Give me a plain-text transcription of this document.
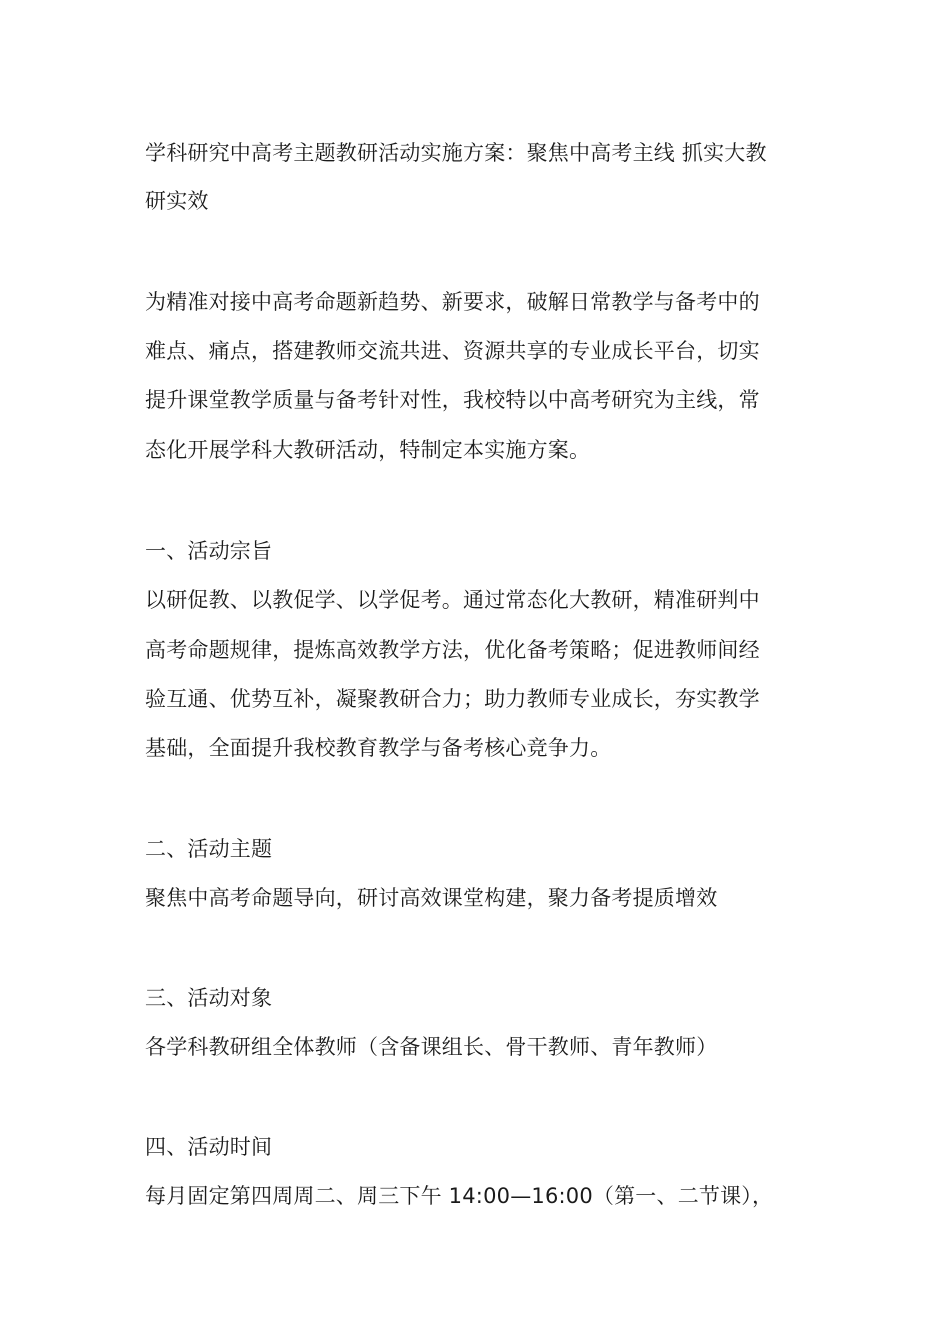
学科研究中高考主题教研活动实施方案：聚焦中高考主线 抓实大教
研实效
为精准对接中高考命题新趋势、新要求，破解日常教学与备考中的
难点、痛点，搭建教师交流共进、资源共享的专业成长平台，切实
提升课堂教学质量与备考针对性，我校特以中高考研究为主线，常
态化开展学科大教研活动，特制定本实施方案。
一、活动宗旨
以研促教、以教促学、以学促考。通过常态化大教研，精准研判中
高考命题规律，提炼高效教学方法，优化备考策略；促进教师间经
验互通、优势互补，凝聚教研合力；助力教师专业成长，夯实教学
基础，全面提升我校教育教学与备考核心竞争力。
二、活动主题
聚焦中高考命题导向，研讨高效课堂构建，聚力备考提质增效
三、活动对象
各学科教研组全体教师（含备课组长、骨干教师、青年教师）
四、活动时间
每月固定第四周周二、周三下午 14:00—16:00（第一、二节课），
